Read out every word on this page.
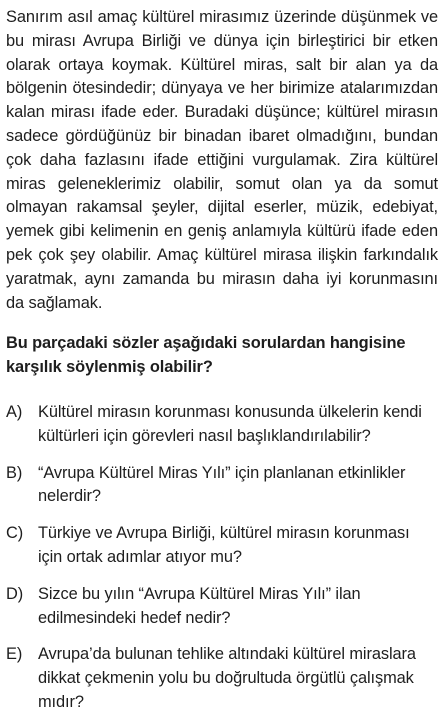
Sanırım asıl amaç kültürel mirasımız üzerinde düşünmek ve bu mirası Avrupa Birliği ve dünya için birleştirici bir etken olarak ortaya koymak. Kültürel miras, salt bir alan ya da bölgenin ötesindedir; dünyaya ve her birimize atalarımızdan kalan mirası ifade eder. Buradaki düşünce; kültürel mirasın sadece gördüğünüz bir binadan ibaret olmadığını, bundan çok daha fazlasını ifade ettiğini vurgulamak. Zira kültürel miras geleneklerimiz olabilir, somut olan ya da somut olmayan rakamsal şeyler, dijital eserler, müzik, edebiyat, yemek gibi kelimenin en geniş anlamıyla kültürü ifade eden pek çok şey olabilir. Amaç kültürel mirasa ilişkin farkındalık yaratmak, aynı zamanda bu mirasın daha iyi korunmasını da sağlamak.

Bu parçadaki sözler aşağıdaki sorulardan hangisine karşılık söylenmiş olabilir?

A) Kültürel mirasın korunması konusunda ülkelerin kendi kültürleri için görevleri nasıl başlıklandırılabilir?
B) “Avrupa Kültürel Miras Yılı” için planlanan etkinlikler nelerdir?
C) Türkiye ve Avrupa Birliği, kültürel mirasın korunması için ortak adımlar atıyor mu?
D) Sizce bu yılın “Avrupa Kültürel Miras Yılı” ilan edilmesindeki hedef nedir?
E) Avrupa’da bulunan tehlike altındaki kültürel miraslara dikkat çekmenin yolu bu doğrultuda örgütlü çalışmak mıdır?
